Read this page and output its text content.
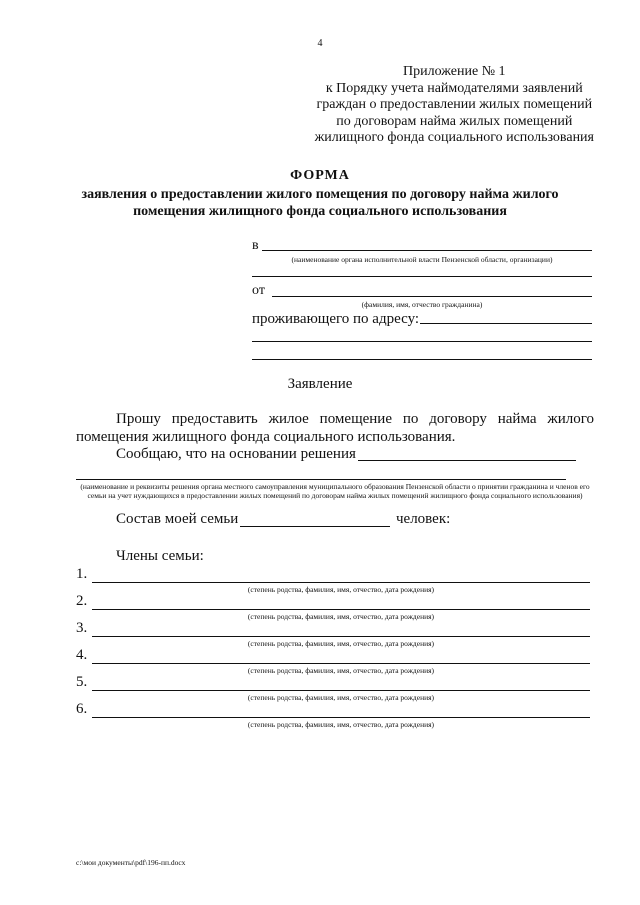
4
Приложение № 1
к Порядку учета наймодателями заявлений
граждан о предоставлении жилых помещений
по договорам найма жилых помещений
жилищного фонда социального использования
ФОРМА
заявления о предоставлении жилого помещения по договору найма жилого
помещения жилищного фонда социального использования
в
(наименование органа исполнительной власти Пензенской области, организации)
от
(фамилия, имя, отчество гражданина)
проживающего по адресу:
Заявление
Прошу предоставить жилое помещение по договору найма жилого помещения жилищного фонда социального использования.
Сообщаю, что на основании решения
(наименование и реквизиты решения органа местного самоуправления муниципального образования Пензенской области о принятии гражданина и членов его семьи на учет нуждающихся в предоставлении жилых помещений по договорам найма жилых помещений жилищного фонда социального использования)
Состав моей семьи	человек:
Члены семьи:
1.
(степень родства, фамилия, имя, отчество, дата рождения)
2.
(степень родства, фамилия, имя, отчество, дата рождения)
3.
(степень родства, фамилия, имя, отчество, дата рождения)
4.
(степень родства, фамилия, имя, отчество, дата рождения)
5.
(степень родства, фамилия, имя, отчество, дата рождения)
6.
(степень родства, фамилия, имя, отчество, дата рождения)
с:\мои документы\pdf\196-пп.docx
